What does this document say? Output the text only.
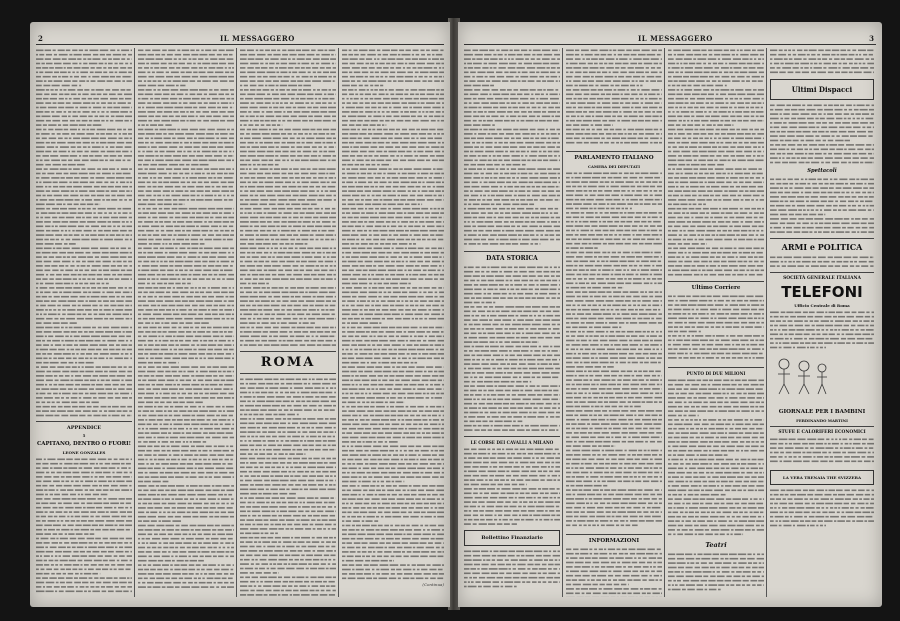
IL MESSAGGERO
2
APPENDICE
5
CAPITANO, DENTRO O FUORI!
LEONE GONZALES
ROMA
(Continua)
IL MESSAGGERO	3
DATA STORICA
LE CORSE DEI CAVALLI A MILANO
Bollettino Finanziario
PARLAMENTO ITALIANO
CAMERA DEI DEPUTATI
INFORMAZIONI
Ultimo Corriere
PUNTO DI DUE MILIONI
Teatri
Ultimi Dispacci
Spettacoli
ARMI e POLITICA
SOCIETÀ GENERALE ITALIANA
TELEFONI
Ufficio Centrale di Roma
GIORNALE PER I BAMBINI
FERDINANDO MARTINI
STUFE E CALORIFERI ECONOMICI
LA VERA TRENAIA THE SVIZZERA
